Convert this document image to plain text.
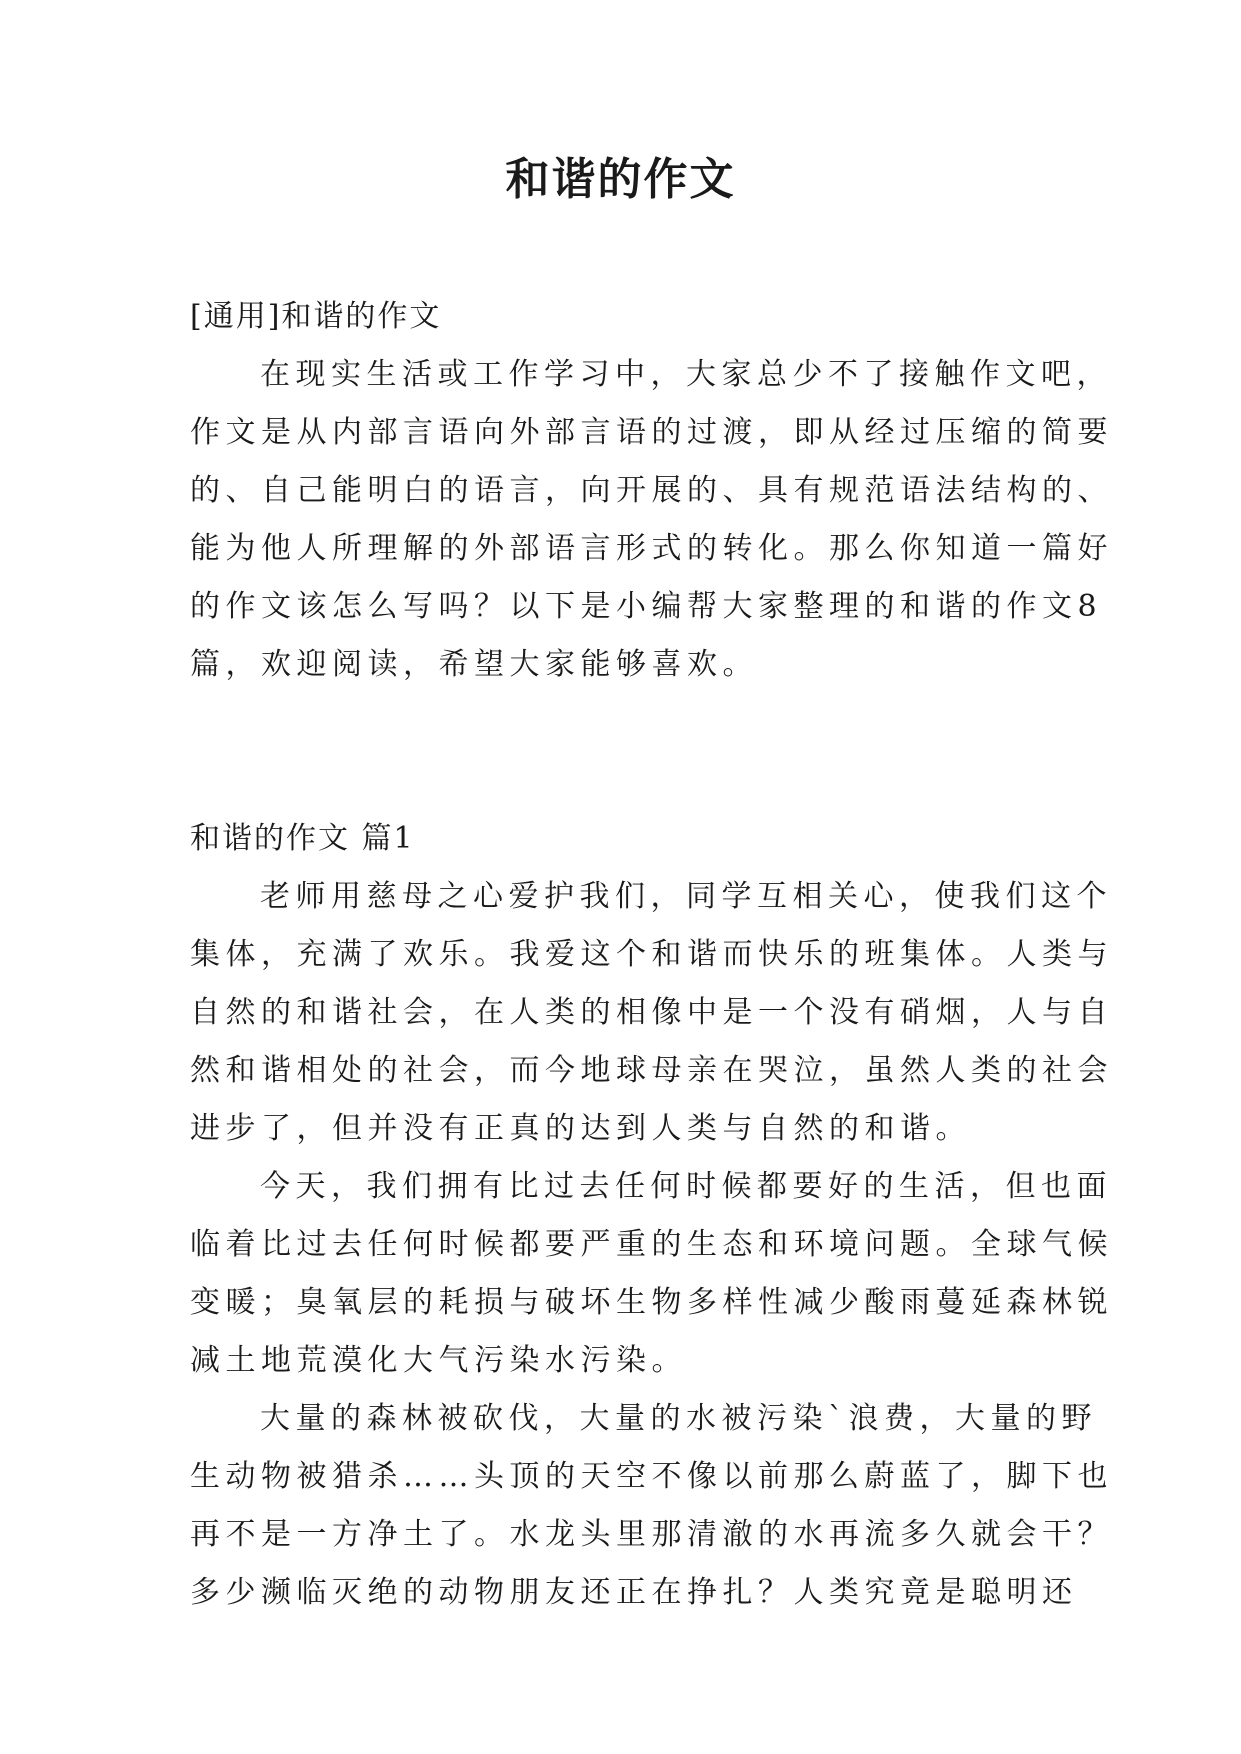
和谐的作文

[通用]和谐的作文

在现实生活或工作学习中，大家总少不了接触作文吧，

作文是从内部言语向外部言语的过渡，即从经过压缩的简要

的、自己能明白的语言，向开展的、具有规范语法结构的、

能为他人所理解的外部语言形式的转化。那么你知道一篇好

的作文该怎么写吗？以下是小编帮大家整理的和谐的作文8

篇，欢迎阅读，希望大家能够喜欢。

和谐的作文 篇1

老师用慈母之心爱护我们，同学互相关心，使我们这个

集体，充满了欢乐。我爱这个和谐而快乐的班集体。人类与

自然的和谐社会，在人类的相像中是一个没有硝烟，人与自

然和谐相处的社会，而今地球母亲在哭泣，虽然人类的社会

进步了，但并没有正真的达到人类与自然的和谐。

今天，我们拥有比过去任何时候都要好的生活，但也面

临着比过去任何时候都要严重的生态和环境问题。全球气候

变暖；臭氧层的耗损与破坏生物多样性减少酸雨蔓延森林锐

减土地荒漠化大气污染水污染。

大量的森林被砍伐，大量的水被污染`浪费，大量的野

生动物被猎杀……头顶的天空不像以前那么蔚蓝了，脚下也

再不是一方净土了。水龙头里那清澈的水再流多久就会干？

多少濒临灭绝的动物朋友还正在挣扎？人类究竟是聪明还
